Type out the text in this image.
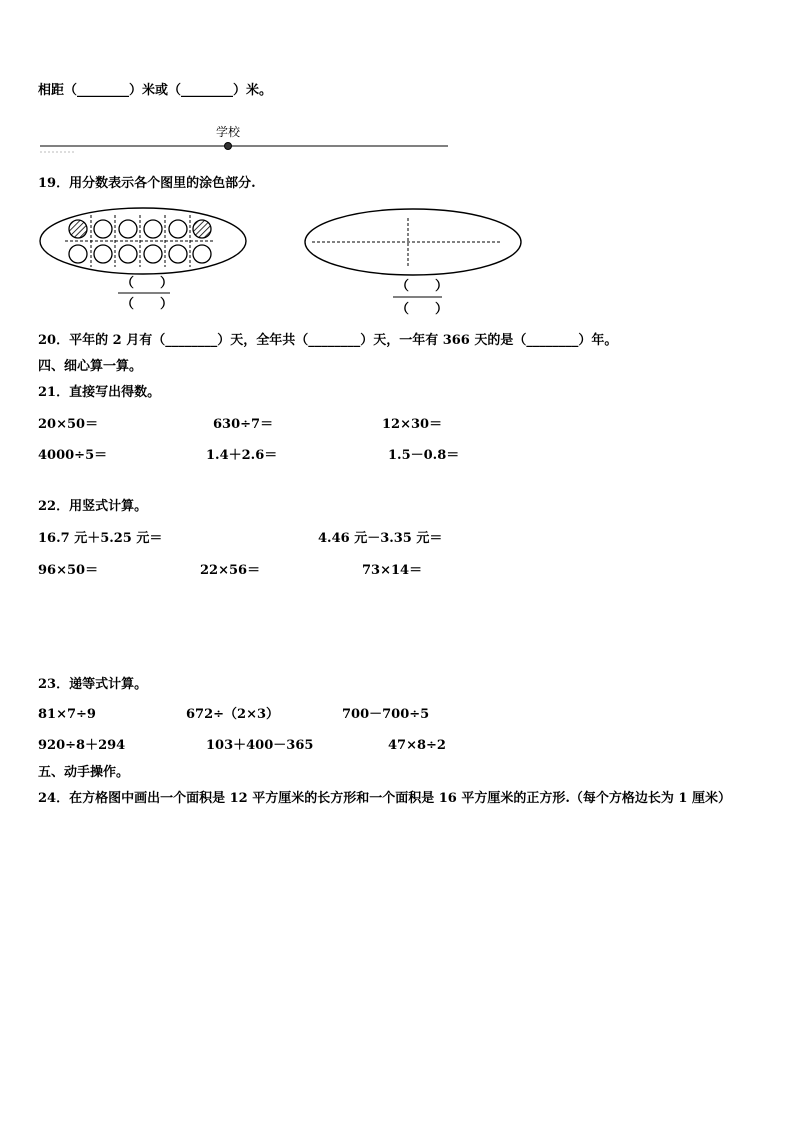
相距（________）米或（________）米。
学校
19．用分数表示各个图里的涂色部分.
（　　）
（　　）
（　　）
（　　）
20．平年的 2 月有（________）天，全年共（________）天，一年有 366 天的是（________）年。
四、细心算一算。
21．直接写出得数。
20×50＝	630÷7＝	12×30＝
4000÷5＝	1.4＋2.6＝	1.5－0.8＝
22．用竖式计算。
16.7 元＋5.25 元＝	4.46 元－3.35 元＝
96×50＝	22×56＝	73×14＝
23．递等式计算。
81×7÷9	672÷（2×3）	700－700÷5
920÷8＋294	103＋400－365	47×8÷2
五、动手操作。
24．在方格图中画出一个面积是 12 平方厘米的长方形和一个面积是 16 平方厘米的正方形.（每个方格边长为 1 厘米）
